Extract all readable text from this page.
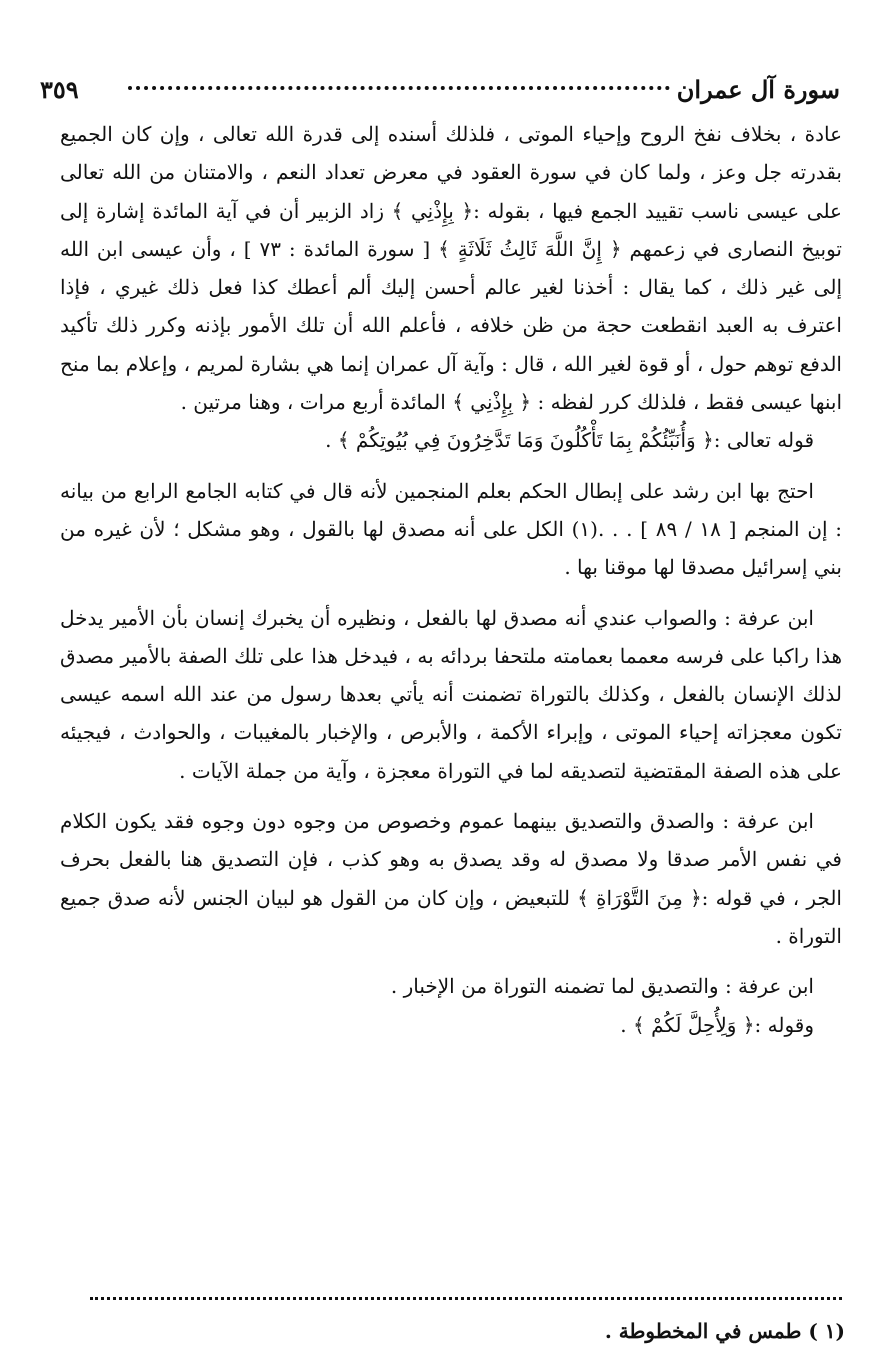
سورة آل عمران
٣٥٩

عادة ، بخلاف نفخ الروح وإحياء الموتى ، فلذلك أسنده إلى قدرة الله تعالى ، وإن كان الجميع بقدرته جل وعز ، ولما كان في سورة العقود في معرض تعداد النعم ، والامتنان من الله تعالى على عيسى ناسب تقييد الجمع فيها ، بقوله :﴿ بِإِذْنِي ﴾ زاد الزبير أن في آية المائدة إشارة إلى توبيخ النصارى في زعمهم ﴿ إِنَّ اللَّهَ ثَالِثُ ثَلَاثَةٍ ﴾ [ سورة المائدة : ٧٣ ] ، وأن عيسى ابن الله إلى غير ذلك ، كما يقال : أخذنا لغير عالم أحسن إليك ألم أعطك كذا فعل ذلك غيري ، فإذا اعترف به العبد انقطعت حجة من ظن خلافه ، فأعلم الله أن تلك الأمور بإذنه وكرر ذلك تأكيد الدفع توهم حول ، أو قوة لغير الله ، قال : وآية آل عمران إنما هي بشارة لمريم ، وإعلام بما منح ابنها عيسى فقط ، فلذلك كرر لفظه : ﴿ بِإِذْنِي ﴾ المائدة أربع مرات ، وهنا مرتين .

قوله تعالى :﴿ وَأُنَبِّئُكُمْ بِمَا تَأْكُلُونَ وَمَا تَدَّخِرُونَ فِي بُيُوتِكُمْ ﴾ .

احتج بها ابن رشد على إبطال الحكم بعلم المنجمين لأنه قال في كتابه الجامع الرابع من بيانه : إن المنجم [ ١٨ / ٨٩ ] . . .(١) الكل على أنه مصدق لها بالقول ، وهو مشكل ؛ لأن غيره من بني إسرائيل مصدقا لها موقنا بها .

ابن عرفة : والصواب عندي أنه مصدق لها بالفعل ، ونظيره أن يخبرك إنسان بأن الأمير يدخل هذا راكبا على فرسه معمما بعمامته ملتحفا بردائه به ، فيدخل هذا على تلك الصفة بالأمير مصدق لذلك الإنسان بالفعل ، وكذلك بالتوراة تضمنت أنه يأتي بعدها رسول من عند الله اسمه عيسى تكون معجزاته إحياء الموتى ، وإبراء الأكمة ، والأبرص ، والإخبار بالمغيبات ، والحوادث ، فيجيئه على هذه الصفة المقتضية لتصديقه لما في التوراة معجزة ، وآية من جملة الآيات .

ابن عرفة : والصدق والتصديق بينهما عموم وخصوص من وجوه دون وجوه فقد يكون الكلام في نفس الأمر صدقا ولا مصدق له وقد يصدق به وهو كذب ، فإن التصديق هنا بالفعل بحرف الجر ، في قوله :﴿ مِنَ التَّوْرَاةِ ﴾ للتبعيض ، وإن كان من القول هو لبيان الجنس لأنه صدق جميع التوراة .

ابن عرفة : والتصديق لما تضمنه التوراة من الإخبار .

وقوله :﴿ وَلِأُحِلَّ لَكُمْ ﴾ .

(١ ) طمس في المخطوطة .
